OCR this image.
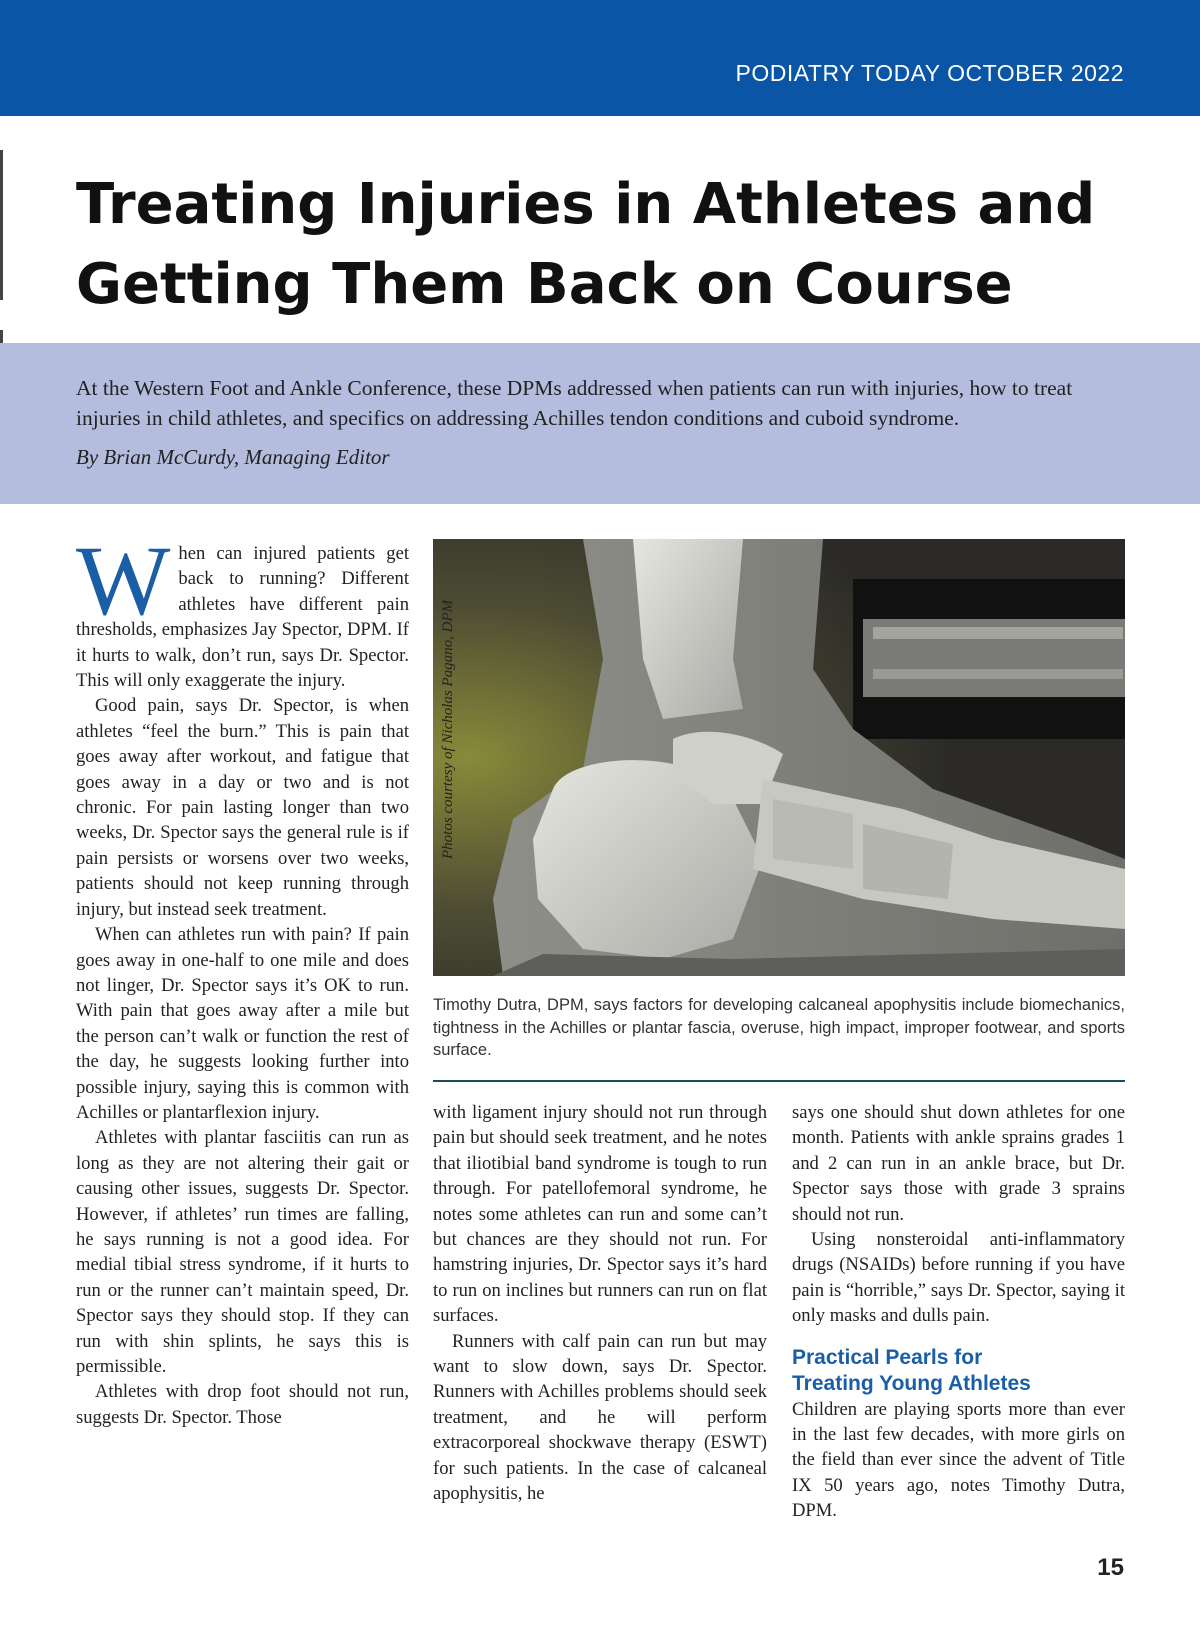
PODIATRY TODAY OCTOBER 2022
Treating Injuries in Athletes and
Getting Them Back on Course

At the Western Foot and Ankle Conference, these DPMs addressed when patients can run with injuries, how to treat injuries in child athletes, and specifics on addressing Achilles tendon conditions and cuboid syndrome.

By Brian McCurdy, Managing Editor

When can injured patients get back to running? Different athletes have different pain thresholds, emphasizes Jay Spector, DPM. If it hurts to walk, don’t run, says Dr. Spector. This will only exaggerate the injury.

Good pain, says Dr. Spector, is when athletes “feel the burn.” This is pain that goes away after workout, and fatigue that goes away in a day or two and is not chronic. For pain lasting longer than two weeks, Dr. Spector says the general rule is if pain persists or worsens over two weeks, patients should not keep running through injury, but instead seek treatment.

When can athletes run with pain? If pain goes away in one-half to one mile and does not linger, Dr. Spector says it’s OK to run. With pain that goes away after a mile but the person can’t walk or function the rest of the day, he suggests looking further into possible injury, saying this is common with Achilles or plantarflexion injury.

Athletes with plantar fasciitis can run as long as they are not altering their gait or causing other issues, suggests Dr. Spector. However, if athletes’ run times are falling, he says running is not a good idea. For medial tibial stress syndrome, if it hurts to run or the runner can’t maintain speed, Dr. Spector says they should stop. If they can run with shin splints, he says this is permissible.

Athletes with drop foot should not run, suggests Dr. Spector. Those

Photos courtesy of Nicholas Pagano, DPM

Timothy Dutra, DPM, says factors for developing calcaneal apophysitis include biomechanics, tightness in the Achilles or plantar fascia, overuse, high impact, improper footwear, and sports surface.

with ligament injury should not run through pain but should seek treatment, and he notes that iliotibial band syndrome is tough to run through. For patellofemoral syndrome, he notes some athletes can run and some can’t but chances are they should not run. For hamstring injuries, Dr. Spector says it’s hard to run on inclines but runners can run on flat surfaces.

Runners with calf pain can run but may want to slow down, says Dr. Spector. Runners with Achilles problems should seek treatment, and he will perform extracorporeal shockwave therapy (ESWT) for such patients. In the case of calcaneal apophysitis, he

says one should shut down athletes for one month. Patients with ankle sprains grades 1 and 2 can run in an ankle brace, but Dr. Spector says those with grade 3 sprains should not run.

Using nonsteroidal anti-inflammatory drugs (NSAIDs) before running if you have pain is “horrible,” says Dr. Spector, saying it only masks and dulls pain.

Practical Pearls for
Treating Young Athletes

Children are playing sports more than ever in the last few decades, with more girls on the field than ever since the advent of Title IX 50 years ago, notes Timothy Dutra, DPM.

15
